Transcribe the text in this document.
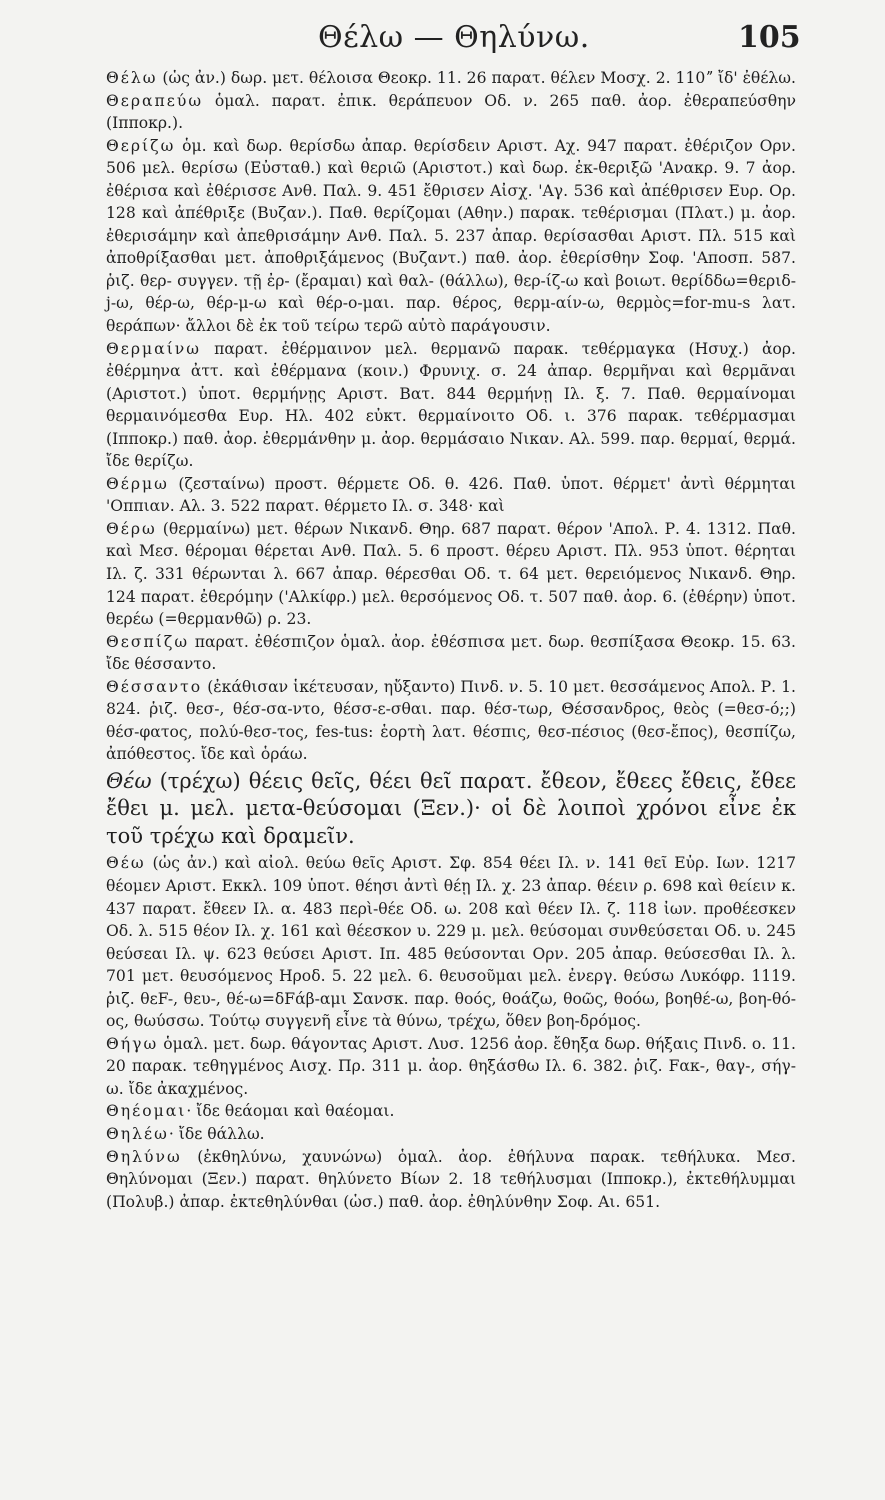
Θέλω — Θηλύνω.	105

Θέλω (ὡς ἀν.) δωρ. μετ. θέλοισα Θεοκρ. 11. 26 παρατ. θέλεν Μοσχ. 2. 110ˮ ἴδ' ἐθέλω.

Θεραπεύω ὁμαλ. παρατ. ἐπικ. θεράπευον Οδ. ν. 265 παθ. ἀορ. ἐθεραπεύσθην (Ιπποκρ.).

Θερίζω ὁμ. καὶ δωρ. θερίσδω ἀπαρ. θερίσδειν Αριστ. Αχ. 947 παρατ. ἐθέριζον Ορν. 506 μελ. θερίσω (Εὐσταθ.) καὶ θεριῶ (Αριστοτ.) καὶ δωρ. ἐκ-θεριξῶ 'Ανακρ. 9. 7 ἀορ. ἐθέρισα καὶ ἐθέρισσε Ανθ. Παλ. 9. 451 ἔθρισεν Αἰσχ. 'Αγ. 536 καὶ ἀπέθρισεν Ευρ. Ορ. 128 καὶ ἀπέθριξε (Βυζαν.). Παθ. θερίζομαι (Αθην.) παρακ. τεθέρισμαι (Πλατ.) μ. ἀορ. ἐθερισάμην καὶ ἀπεθρισάμην Ανθ. Παλ. 5. 237 ἀπαρ. θερίσασθαι Αριστ. Πλ. 515 καὶ ἀποθρίξασθαι μετ. ἀποθριξάμενος (Βυζαντ.) παθ. ἀορ. ἐθερίσθην Σοφ. 'Αποσπ. 587. ῥιζ. θερ- συγγεν. τῇ ἐρ- (ἔραμαι) καὶ θαλ- (θάλλω), θερ-ίζ-ω καὶ βοιωτ. θερίδδω=θεριδ-j-ω, θέρ-ω, θέρ-μ-ω καὶ θέρ-ο-μαι. παρ. θέρος, θερμ-αίν-ω, θερμὸς=for-mu-s λατ. θεράπων· ἄλλοι δὲ ἐκ τοῦ τείρω τερῶ αὐτὸ παράγουσιν.

Θερμαίνω παρατ. ἐθέρμαινον μελ. θερμανῶ παρακ. τεθέρμαγκα (Ησυχ.) ἀορ. ἐθέρμηνα ἀττ. καὶ ἐθέρμανα (κοιν.) Φρυνιχ. σ. 24 ἀπαρ. θερμῆναι καὶ θερμᾶναι (Αριστοτ.) ὑποτ. θερμήνῃς Αριστ. Βατ. 844 θερμήνῃ Ιλ. ξ. 7. Παθ. θερμαίνομαι θερμαινόμεσθα Ευρ. Ηλ. 402 εὐκτ. θερμαίνοιτο Οδ. ι. 376 παρακ. τεθέρμασμαι (Ιπποκρ.) παθ. ἀορ. ἐθερμάνθην μ. ἀορ. θερμάσαιο Νικαν. Αλ. 599. παρ. θερμαί, θερμά. ἴδε θερίζω.

Θέρμω (ζεσταίνω) προστ. θέρμετε Οδ. θ. 426. Παθ. ὑποτ. θέρμετ' ἀντὶ θέρμηται 'Οππιαν. Αλ. 3. 522 παρατ. θέρμετο Ιλ. σ. 348· καὶ

Θέρω (θερμαίνω) μετ. θέρων Νικανδ. Θηρ. 687 παρατ. θέρον 'Απολ. Ρ. 4. 1312. Παθ. καὶ Μεσ. θέρομαι θέρεται Ανθ. Παλ. 5. 6 προστ. θέρευ Αριστ. Πλ. 953 ὑποτ. θέρηται Ιλ. ζ. 331 θέρωνται λ. 667 ἀπαρ. θέρεσθαι Οδ. τ. 64 μετ. θερειόμενος Νικανδ. Θηρ. 124 παρατ. ἐθερόμην ('Αλκίφρ.) μελ. θερσόμενος Οδ. τ. 507 παθ. ἀορ. 6. (ἐθέρην) ὑποτ. θερέω (=θερμανθῶ) ρ. 23.

Θεσπίζω παρατ. ἐθέσπιζον ὁμαλ. ἀορ. ἐθέσπισα μετ. δωρ. θεσπίξασα Θεοκρ. 15. 63. ἴδε θέσσαντο.

Θέσσαντο (ἐκάθισαν ἱκέτευσαν, ηὔξαντο) Πινδ. ν. 5. 10 μετ. θεσσάμενος Απολ. Ρ. 1. 824. ῥιζ. θεσ-, θέσ-σα-ντο, θέσσ-ε-σθαι. παρ. θέσ-τωρ, Θέσσανδρος, θεὸς (=θεσ-ό;;) θέσ-φατος, πολύ-θεσ-τος, fes-tus: ἑορτὴ λατ. θέσπις, θεσ-πέσιος (θεσ-ἔπος), θεσπίζω, ἀπόθεστος. ἴδε καὶ ὁράω.

Θέω (τρέχω) θέεις θεῖς, θέει θεῖ παρατ. ἔθεον, ἔθεες ἔθεις, ἔθεε ἔθει μ. μελ. μετα-θεύσομαι (Ξεν.)· οἱ δὲ λοιποὶ χρόνοι εἶνε ἐκ τοῦ τρέχω καὶ δραμεῖν.

Θέω (ὡς ἀν.) καὶ αἰολ. θεύω θεῖς Αριστ. Σφ. 854 θέει Ιλ. ν. 141 θεῖ Εὐρ. Ιων. 1217 θέομεν Αριστ. Εκκλ. 109 ὑποτ. θέησι ἀντὶ θέῃ Ιλ. χ. 23 ἀπαρ. θέειν ρ. 698 καὶ θείειν κ. 437 παρατ. ἔθεεν Ιλ. α. 483 περὶ-θέε Οδ. ω. 208 καὶ θέεν Ιλ. ζ. 118 ἰων. προθέεσκεν Οδ. λ. 515 θέον Ιλ. χ. 161 καὶ θέεσκον υ. 229 μ. μελ. θεύσομαι συνθεύσεται Οδ. υ. 245 θεύσεαι Ιλ. ψ. 623 θεύσει Αριστ. Ιπ. 485 θεύσονται Ορν. 205 ἀπαρ. θεύσεσθαι Ιλ. λ. 701 μετ. θευσόμενος Ηροδ. 5. 22 μελ. 6. θευσοῦμαι μελ. ἐνεργ. θεύσω Λυκόφρ. 1119. ῥιζ. θεF-, θευ-, θέ-ω=δFάβ-αμι Σανσκ. παρ. θοός, θοάζω, θοῶς, θοόω, βοηθέ-ω, βοη-θό-ος, θωύσσω. Τούτῳ συγγενῆ εἶνε τὰ θύνω, τρέχω, ὅθεν βοη-δρόμος.

Θήγω ὁμαλ. μετ. δωρ. θάγοντας Αριστ. Λυσ. 1256 ἀορ. ἔθηξα δωρ. θήξαις Πινδ. ο. 11. 20 παρακ. τεθηγμένος Αισχ. Πρ. 311 μ. ἀορ. θηξάσθω Ιλ. 6. 382. ῥιζ. Fακ-, θαγ-, σήγ-ω. ἴδε ἀκαχμένος.

Θηέομαι· ἴδε θεάομαι καὶ θαέομαι.

Θηλέω· ἴδε θάλλω.

Θηλύνω (ἐκθηλύνω, χαυνώνω) ὁμαλ. ἀορ. ἐθήλυνα παρακ. τεθήλυκα. Μεσ. Θηλύνομαι (Ξεν.) παρατ. θηλύνετο Βίων 2. 18 τεθήλυσμαι (Ιπποκρ.), ἐκτεθήλυμμαι (Πολυβ.) ἀπαρ. ἐκτεθηλύνθαι (ὡσ.) παθ. ἀορ. ἐθηλύνθην Σοφ. Αι. 651.
